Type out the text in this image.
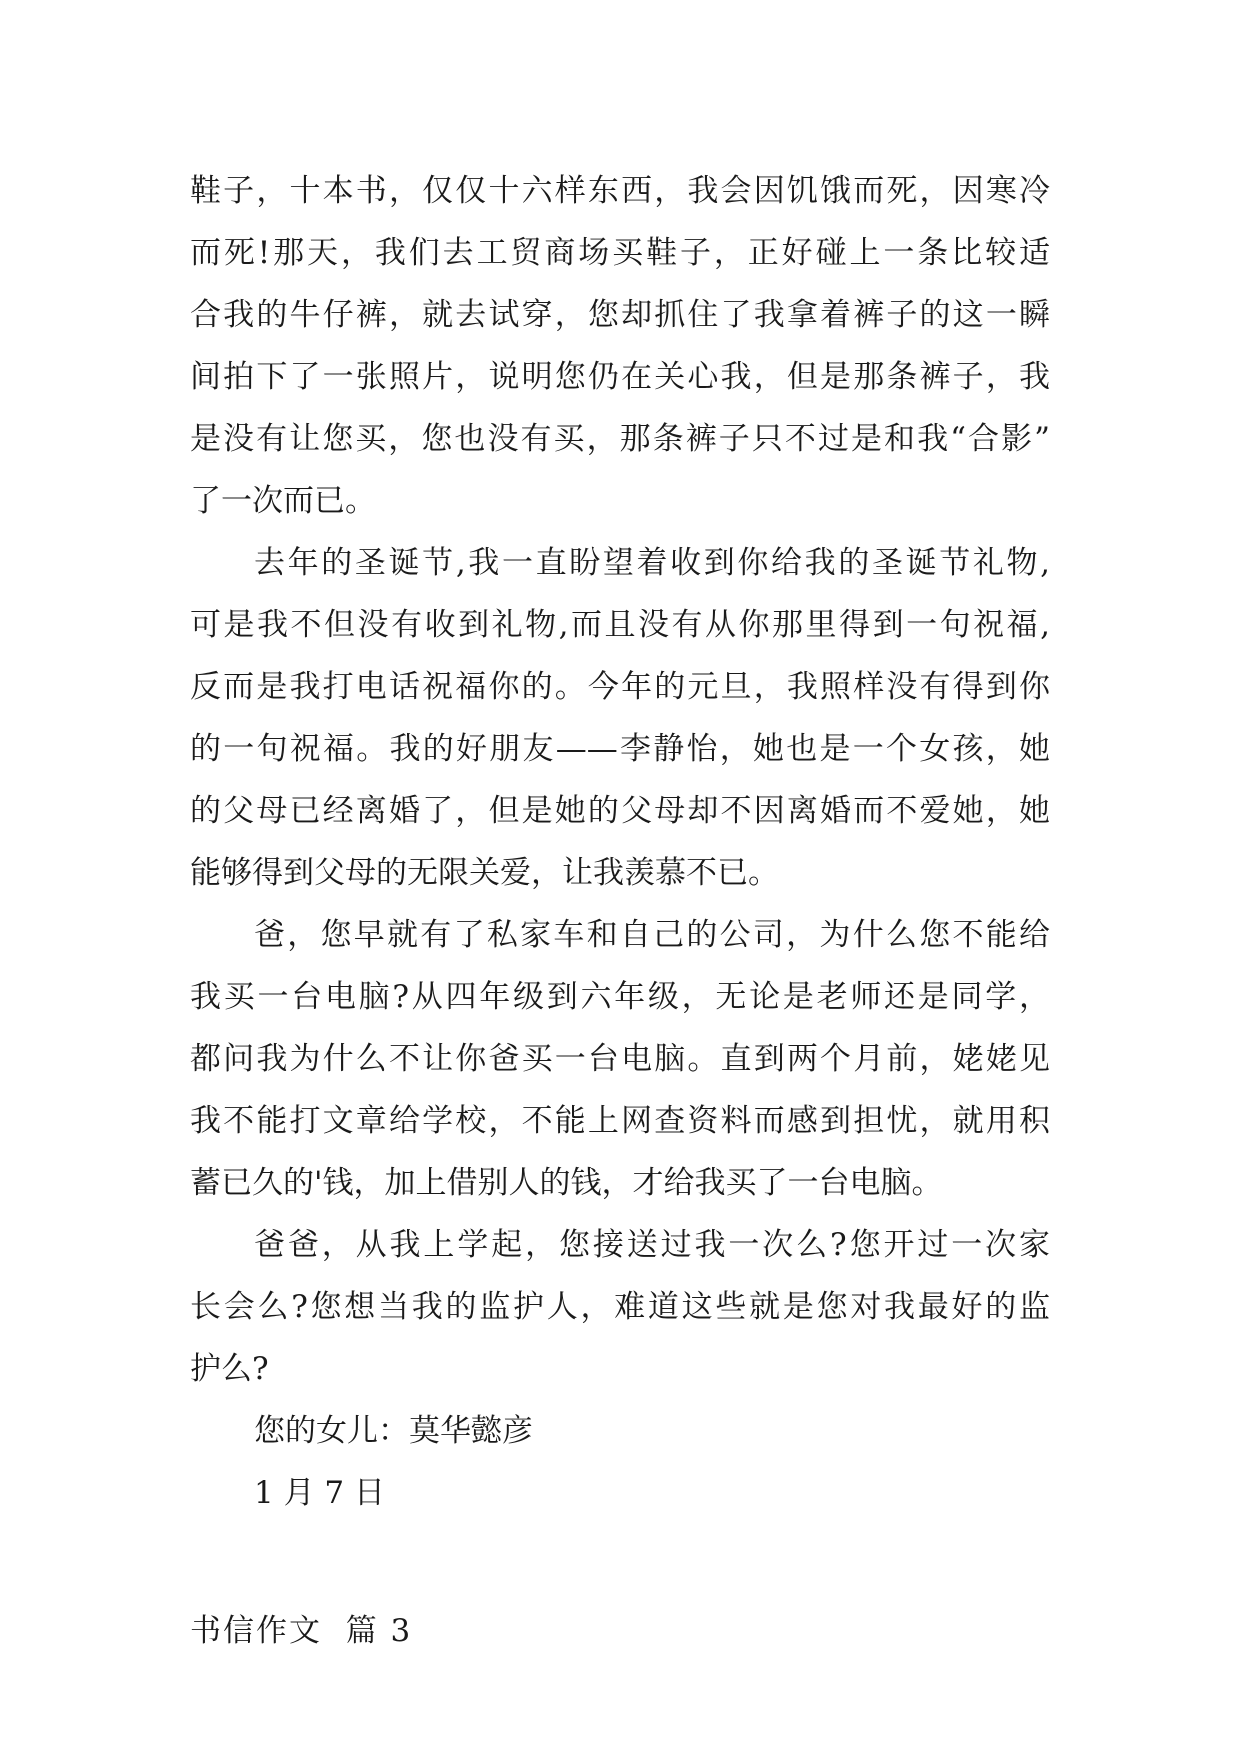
鞋子，十本书，仅仅十六样东西，我会因饥饿而死，因寒冷
而死!那天，我们去工贸商场买鞋子，正好碰上一条比较适
合我的牛仔裤，就去试穿，您却抓住了我拿着裤子的这一瞬
间拍下了一张照片，说明您仍在关心我，但是那条裤子，我
是没有让您买，您也没有买，那条裤子只不过是和我“合影”
了一次而已。
去年的圣诞节,我一直盼望着收到你给我的圣诞节礼物,
可是我不但没有收到礼物,而且没有从你那里得到一句祝福,
反而是我打电话祝福你的。今年的元旦，我照样没有得到你
的一句祝福。我的好朋友——李静怡，她也是一个女孩，她
的父母已经离婚了，但是她的父母却不因离婚而不爱她，她
能够得到父母的无限关爱，让我羡慕不已。
爸，您早就有了私家车和自己的公司，为什么您不能给
我买一台电脑?从四年级到六年级，无论是老师还是同学，
都问我为什么不让你爸买一台电脑。直到两个月前，姥姥见
我不能打文章给学校，不能上网查资料而感到担忧，就用积
蓄已久的'钱，加上借别人的钱，才给我买了一台电脑。
爸爸，从我上学起，您接送过我一次么?您开过一次家
长会么?您想当我的监护人，难道这些就是您对我最好的监
护么?
您的女儿：莫华懿彦
1 月 7 日
书信作文  篇 3
